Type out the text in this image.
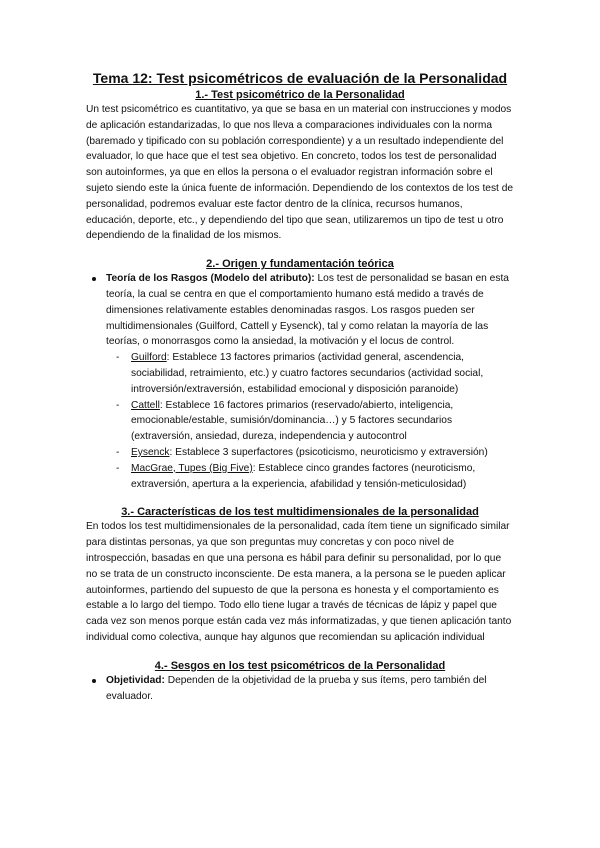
Tema 12: Test psicométricos de evaluación de la Personalidad
1.- Test psicométrico de la Personalidad

Un test psicométrico es cuantitativo, ya que se basa en un material con instrucciones y modos de aplicación estandarizadas, lo que nos lleva a comparaciones individuales con la norma (baremado y tipificado con su población correspondiente) y a un resultado independiente del evaluador, lo que hace que el test sea objetivo. En concreto, todos los test de personalidad son autoinformes, ya que en ellos la persona o el evaluador registran información sobre el sujeto siendo este la única fuente de información. Dependiendo de los contextos de los test de personalidad, podremos evaluar este factor dentro de la clínica, recursos humanos, educación, deporte, etc., y dependiendo del tipo que sean, utilizaremos un tipo de test u otro dependiendo de la finalidad de los mismos.

2.- Origen y fundamentación teórica
Teoría de los Rasgos (Modelo del atributo): Los test de personalidad se basan en esta teoría, la cual se centra en que el comportamiento humano está medido a través de dimensiones relativamente estables denominadas rasgos. Los rasgos pueden ser multidimensionales (Guilford, Cattell y Eysenck), tal y como relatan la mayoría de las teorías, o monorrasgos como la ansiedad, la motivación y el locus de control.
- Guilford: Establece 13 factores primarios (actividad general, ascendencia, sociabilidad, retraimiento, etc.) y cuatro factores secundarios (actividad social, introversión/extraversión, estabilidad emocional y disposición paranoide)
- Cattell: Establece 16 factores primarios (reservado/abierto, inteligencia, emocionable/estable, sumisión/dominancia…) y 5 factores secundarios (extraversión, ansiedad, dureza, independencia y autocontrol
- Eysenck: Establece 3 superfactores (psicoticismo, neuroticismo y extraversión)
- MacGrae, Tupes (Big Five): Establece cinco grandes factores (neuroticismo, extraversión, apertura a la experiencia, afabilidad y tensión-meticulosidad)
3.- Características de los test multidimensionales de la personalidad

En todos los test multidimensionales de la personalidad, cada ítem tiene un significado similar para distintas personas, ya que son preguntas muy concretas y con poco nivel de introspección, basadas en que una persona es hábil para definir su personalidad, por lo que no se trata de un constructo inconsciente. De esta manera, a la persona se le pueden aplicar autoinformes, partiendo del supuesto de que la persona es honesta y el comportamiento es estable a lo largo del tiempo. Todo ello tiene lugar a través de técnicas de lápiz y papel que cada vez son menos porque están cada vez más informatizadas, y que tienen aplicación tanto individual como colectiva, aunque hay algunos que recomiendan su aplicación individual

4.- Sesgos en los test psicométricos de la Personalidad
Objetividad: Dependen de la objetividad de la prueba y sus ítems, pero también del evaluador.
